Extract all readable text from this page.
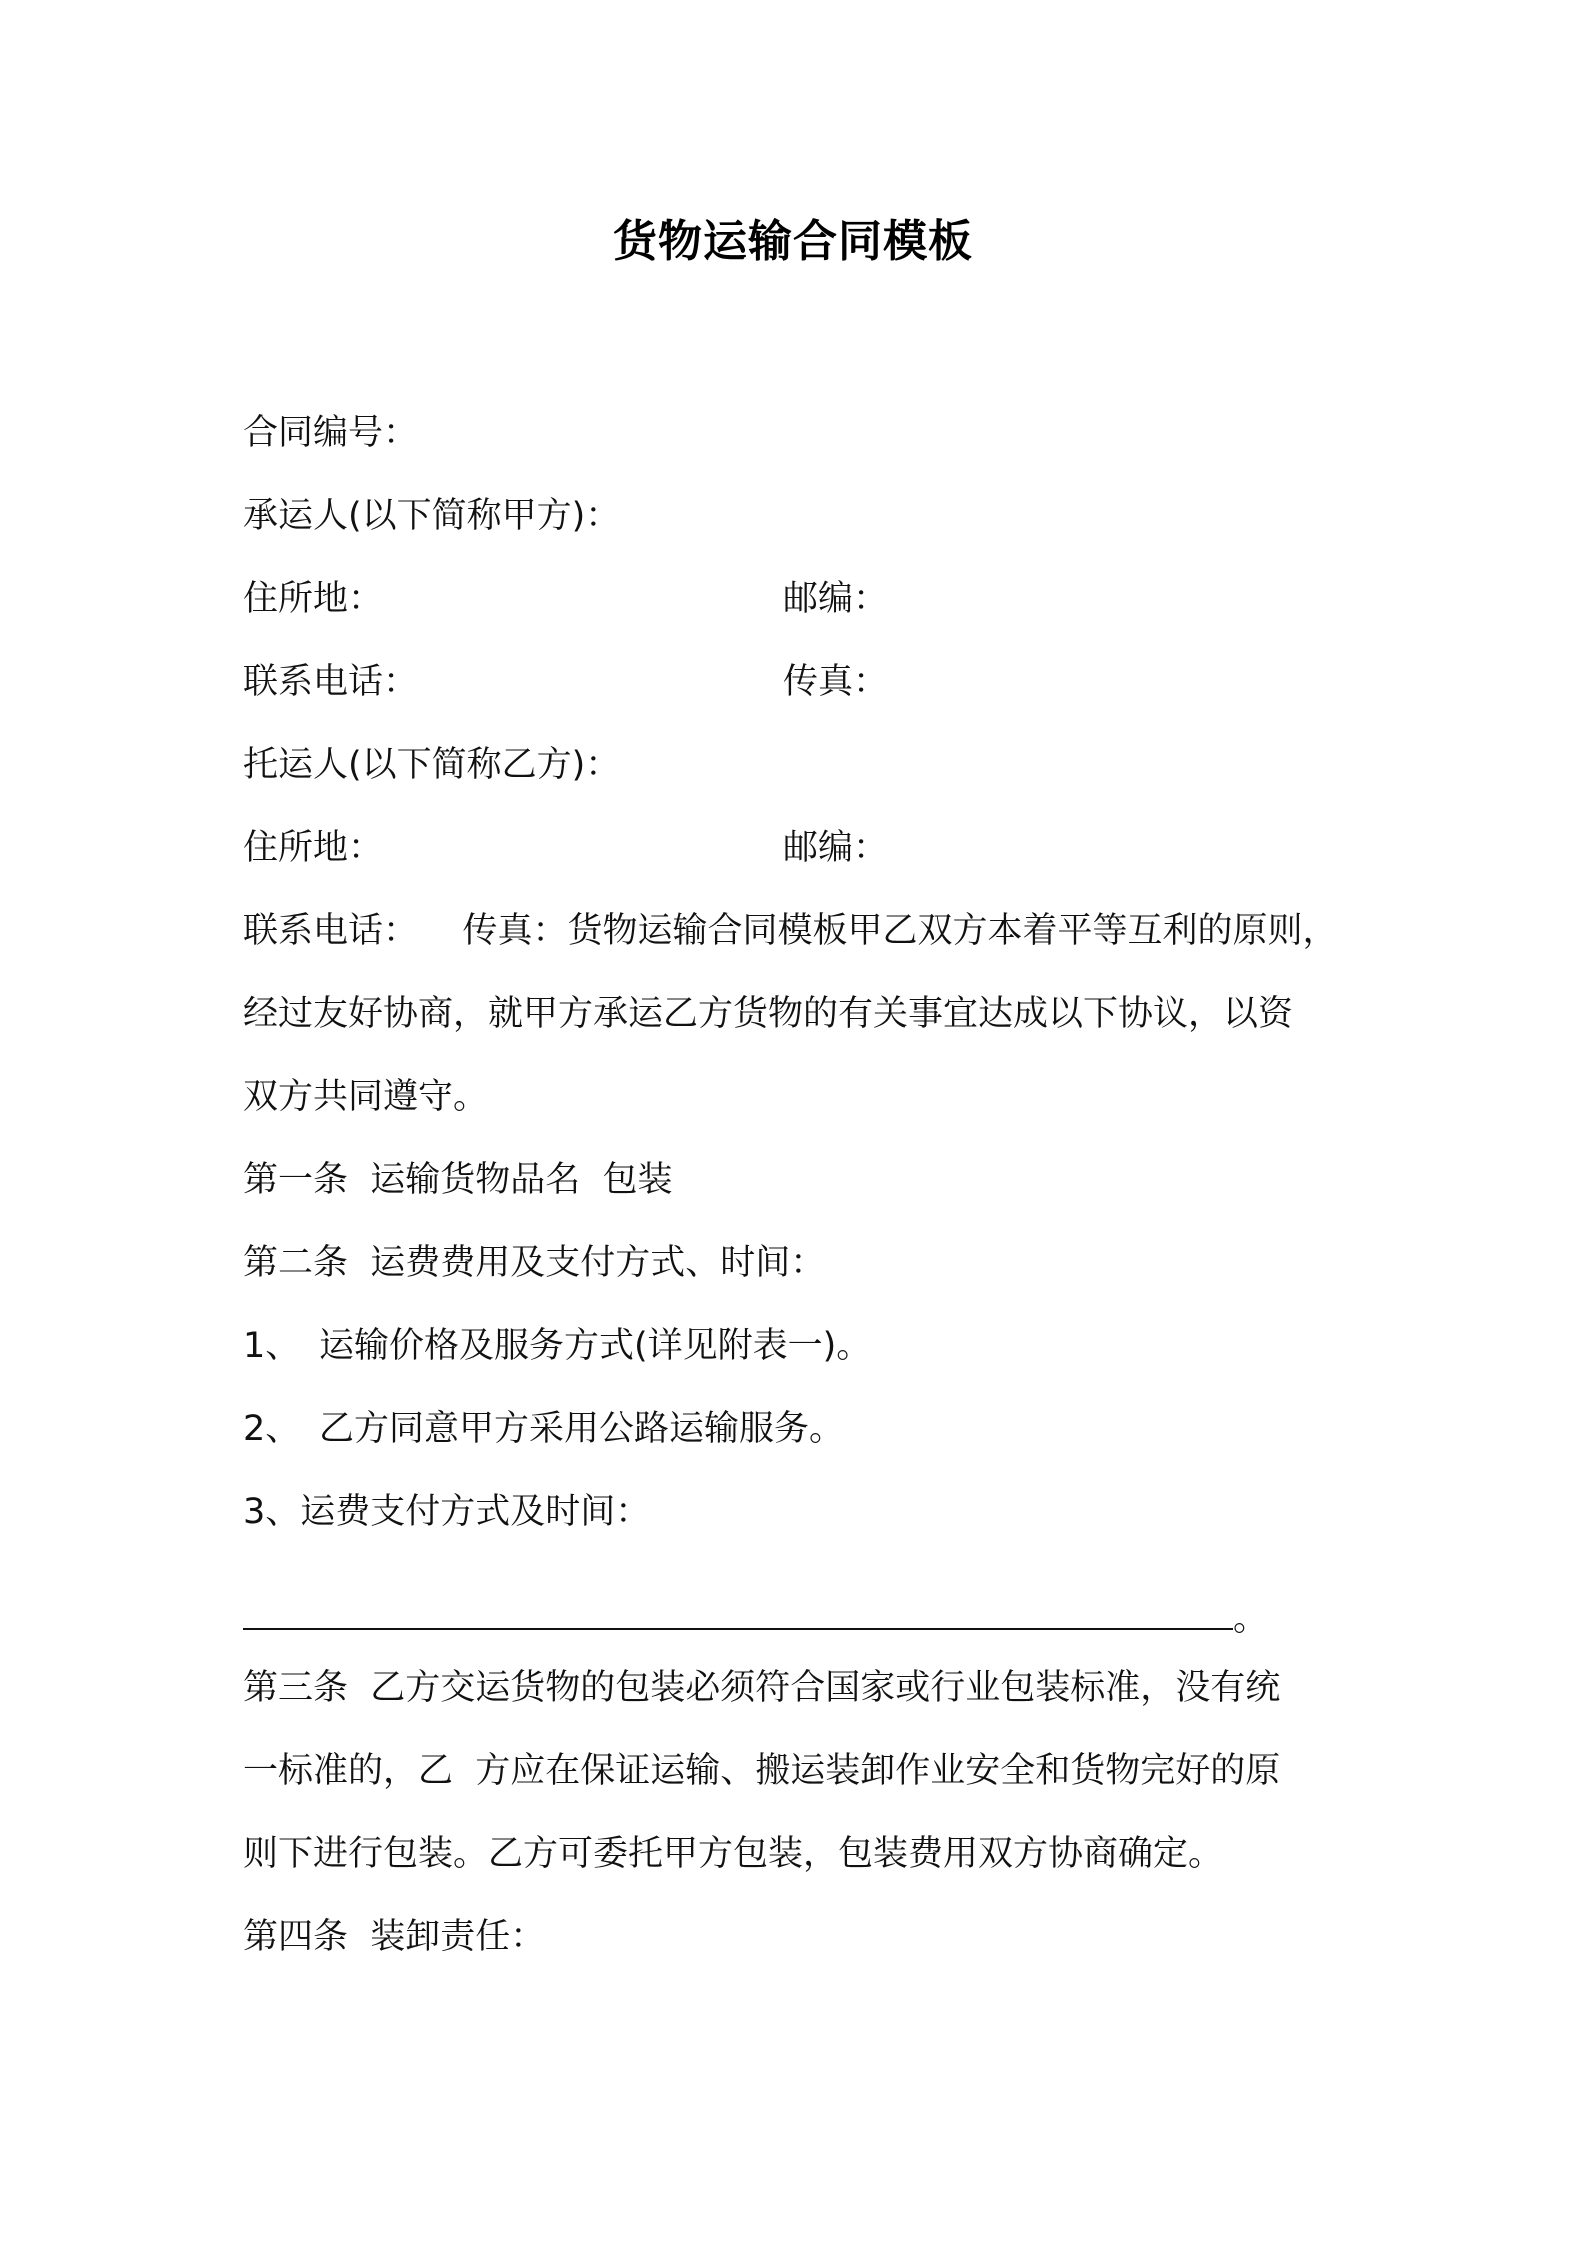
货物运输合同模板
合同编号：
承运人(以下简称甲方)：
住所地：	邮编：
联系电话：	传真：
托运人(以下简称乙方)：
住所地：	邮编：
联系电话：    传真：货物运输合同模板甲乙双方本着平等互利的原则，
经过友好协商，就甲方承运乙方货物的有关事宜达成以下协议，以资
双方共同遵守。
第一条  运输货物品名  包装
第二条  运费费用及支付方式、时间：
1、 运输价格及服务方式(详见附表一)。
2、 乙方同意甲方采用公路运输服务。
3、运费支付方式及时间：
。
第三条  乙方交运货物的包装必须符合国家或行业包装标准，没有统
一标准的，乙  方应在保证运输、搬运装卸作业安全和货物完好的原
则下进行包装。乙方可委托甲方包装，包装费用双方协商确定。
第四条  装卸责任：
